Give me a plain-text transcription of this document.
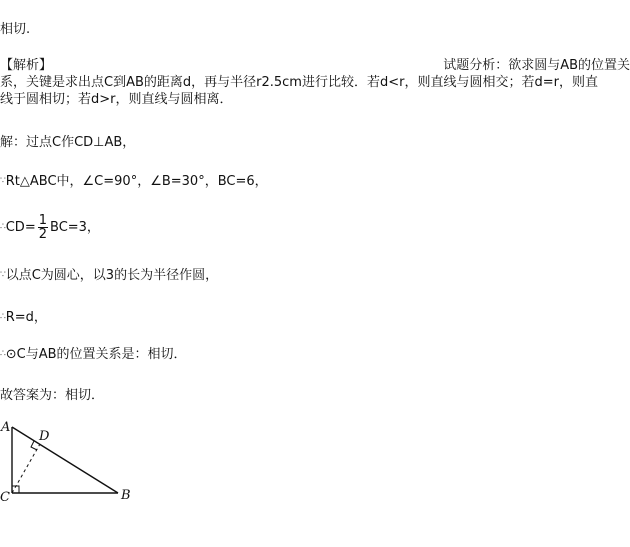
相切.
【解析】	试题分析：欲求圆与AB的位置关
系，关键是求出点C到AB的距离d，再与半径r2.5cm进行比较．若d<r，则直线与圆相交；若d=r，则直
线于圆相切；若d>r，则直线与圆相离．
解：过点C作CD⊥AB，
∵Rt△ABC中，∠C=90°，∠B=30°，BC=6，
∴CD= $\frac{1}{2} BC=3$，
∵以点C为圆心，以3的长为半径作圆，
∴R=d，
∴⊙C与AB的位置关系是：相切．
故答案为：相切．
A
B
C
D
